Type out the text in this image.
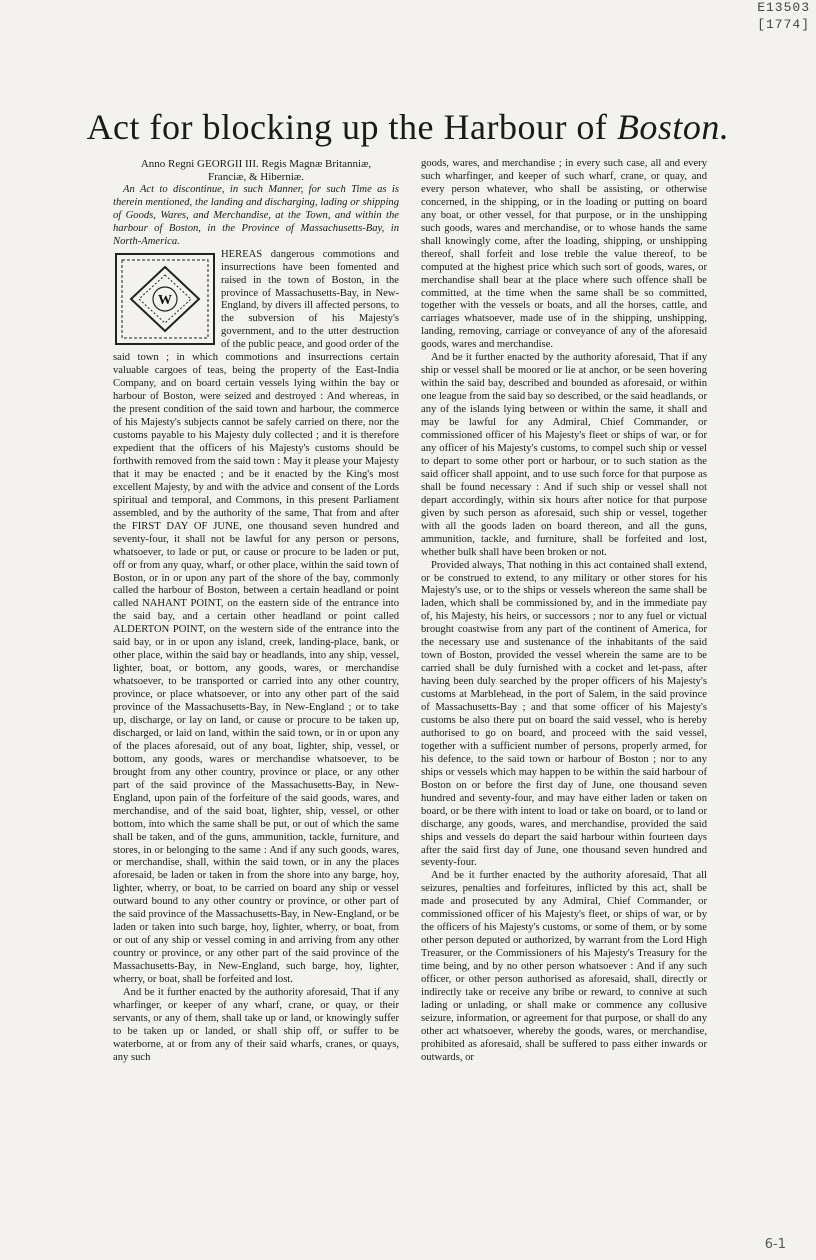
E13503
[1774]
Act for blocking up the Harbour of Boston.

Anno Regni GEORGII III. Regis Magnæ Britanniæ,

Franciæ, & Hiberniæ.

An Act to discontinue, in such Manner, for such Time as is therein mentioned, the landing and discharging, lading or shipping of Goods, Wares, and Merchandise, at the Town, and within the harbour of Boston, in the Province of Massachusetts-Bay, in North-America.

W

HEREAS dangerous commotions and insurrections have been fomented and raised in the town of Boston, in the province of Massachusetts-Bay, in New-England, by divers ill affected persons, to the subversion of his Majesty's government, and to the utter destruction of the public peace, and good order of the said town ; in which commotions and insurrections certain valuable cargoes of teas, being the property of the East-India Company, and on board certain vessels lying within the bay or harbour of Boston, were seized and destroyed : And whereas, in the present condition of the said town and harbour, the commerce of his Majesty's subjects cannot be safely carried on there, nor the customs payable to his Majesty duly collected ; and it is therefore expedient that the officers of his Majesty's customs should be forthwith removed from the said town : May it please your Majesty that it may be enacted ; and be it enacted by the King's most excellent Majesty, by and with the advice and consent of the Lords spiritual and temporal, and Commons, in this present Parliament assembled, and by the authority of the same, That from and after the FIRST DAY OF JUNE, one thousand seven hundred and seventy-four, it shall not be lawful for any person or persons, whatsoever, to lade or put, or cause or procure to be laden or put, off or from any quay, wharf, or other place, within the said town of Boston, or in or upon any part of the shore of the bay, commonly called the harbour of Boston, between a certain headland or point called NAHANT POINT, on the eastern side of the entrance into the said bay, and a certain other headland or point called ALDERTON POINT, on the western side of the entrance into the said bay, or in or upon any island, creek, landing-place, bank, or other place, within the said bay or headlands, into any ship, vessel, lighter, boat, or bottom, any goods, wares, or merchandise whatsoever, to be transported or carried into any other country, province, or place whatsoever, or into any other part of the said province of the Massachusetts-Bay, in New-England ; or to take up, discharge, or lay on land, or cause or procure to be taken up, discharged, or laid on land, within the said town, or in or upon any of the places aforesaid, out of any boat, lighter, ship, vessel, or bottom, any goods, wares or merchandise whatsoever, to be brought from any other country, province or place, or any other part of the said province of the Massachusetts-Bay, in New-England, upon pain of the forfeiture of the said goods, wares, and merchandise, and of the said boat, lighter, ship, vessel, or other bottom, into which the same shall be put, or out of which the same shall be taken, and of the guns, ammunition, tackle, furniture, and stores, in or belonging to the same : And if any such goods, wares, or merchandise, shall, within the said town, or in any the places aforesaid, be laden or taken in from the shore into any barge, hoy, lighter, wherry, or boat, to be carried on board any ship or vessel outward bound to any other country or province, or other part of the said province of the Massachusetts-Bay, in New-England, or be laden or taken into such barge, hoy, lighter, wherry, or boat, from or out of any ship or vessel coming in and arriving from any other country or province, or any other part of the said province of the Massachusetts-Bay, in New-England, such barge, hoy, lighter, wherry, or boat, shall be forfeited and lost.

And be it further enacted by the authority aforesaid, That if any wharfinger, or keeper of any wharf, crane, or quay, or their servants, or any of them, shall take up or land, or knowingly suffer to be taken up or landed, or shall ship off, or suffer to be waterborne, at or from any of their said wharfs, cranes, or quays, any such

goods, wares, and merchandise ; in every such case, all and every such wharfinger, and keeper of such wharf, crane, or quay, and every person whatever, who shall be assisting, or otherwise concerned, in the shipping, or in the loading or putting on board any boat, or other vessel, for that purpose, or in the unshipping such goods, wares and merchandise, or to whose hands the same shall knowingly come, after the loading, shipping, or unshipping thereof, shall forfeit and lose treble the value thereof, to be computed at the highest price which such sort of goods, wares, or merchandise shall bear at the place where such offence shall be committed, at the time when the same shall be so committed, together with the vessels or boats, and all the horses, cattle, and carriages whatsoever, made use of in the shipping, unshipping, landing, removing, carriage or conveyance of any of the aforesaid goods, wares and merchandise.

And be it further enacted by the authority aforesaid, That if any ship or vessel shall be moored or lie at anchor, or be seen hovering within the said bay, described and bounded as aforesaid, or within one league from the said bay so described, or the said headlands, or any of the islands lying between or within the same, it shall and may be lawful for any Admiral, Chief Commander, or commissioned officer of his Majesty's fleet or ships of war, or for any officer of his Majesty's customs, to compel such ship or vessel to depart to some other port or harbour, or to such station as the said officer shall appoint, and to use such force for that purpose as shall be found necessary : And if such ship or vessel shall not depart accordingly, within six hours after notice for that purpose given by such person as aforesaid, such ship or vessel, together with all the goods laden on board thereon, and all the guns, ammunition, tackle, and furniture, shall be forfeited and lost, whether bulk shall have been broken or not.

Provided always, That nothing in this act contained shall extend, or be construed to extend, to any military or other stores for his Majesty's use, or to the ships or vessels whereon the same shall be laden, which shall be commissioned by, and in the immediate pay of, his Majesty, his heirs, or successors ; nor to any fuel or victual brought coastwise from any part of the continent of America, for the necessary use and sustenance of the inhabitants of the said town of Boston, provided the vessel wherein the same are to be carried shall be duly furnished with a cocket and let-pass, after having been duly searched by the proper officers of his Majesty's customs at Marblehead, in the port of Salem, in the said province of Massachusetts-Bay ; and that some officer of his Majesty's customs be also there put on board the said vessel, who is hereby authorised to go on board, and proceed with the said vessel, together with a sufficient number of persons, properly armed, for his defence, to the said town or harbour of Boston ; nor to any ships or vessels which may happen to be within the said harbour of Boston on or before the first day of June, one thousand seven hundred and seventy-four, and may have either laden or taken on board, or be there with intent to load or take on board, or to land or discharge, any goods, wares, and merchandise, provided the said ships and vessels do depart the said harbour within fourteen days after the said first day of June, one thousand seven hundred and seventy-four.

And be it further enacted by the authority aforesaid, That all seizures, penalties and forfeitures, inflicted by this act, shall be made and prosecuted by any Admiral, Chief Commander, or commissioned officer of his Majesty's fleet, or ships of war, or by the officers of his Majesty's customs, or some of them, or by some other person deputed or authorized, by warrant from the Lord High Treasurer, or the Commissioners of his Majesty's Treasury for the time being, and by no other person whatsoever : And if any such officer, or other person authorised as aforesaid, shall, directly or indirectly take or receive any bribe or reward, to connive at such lading or unlading, or shall make or commence any collusive seizure, information, or agreement for that purpose, or shall do any other act whatsoever, whereby the goods, wares, or merchandise, prohibited as aforesaid, shall be suffered to pass either inwards or outwards, or

6-1
